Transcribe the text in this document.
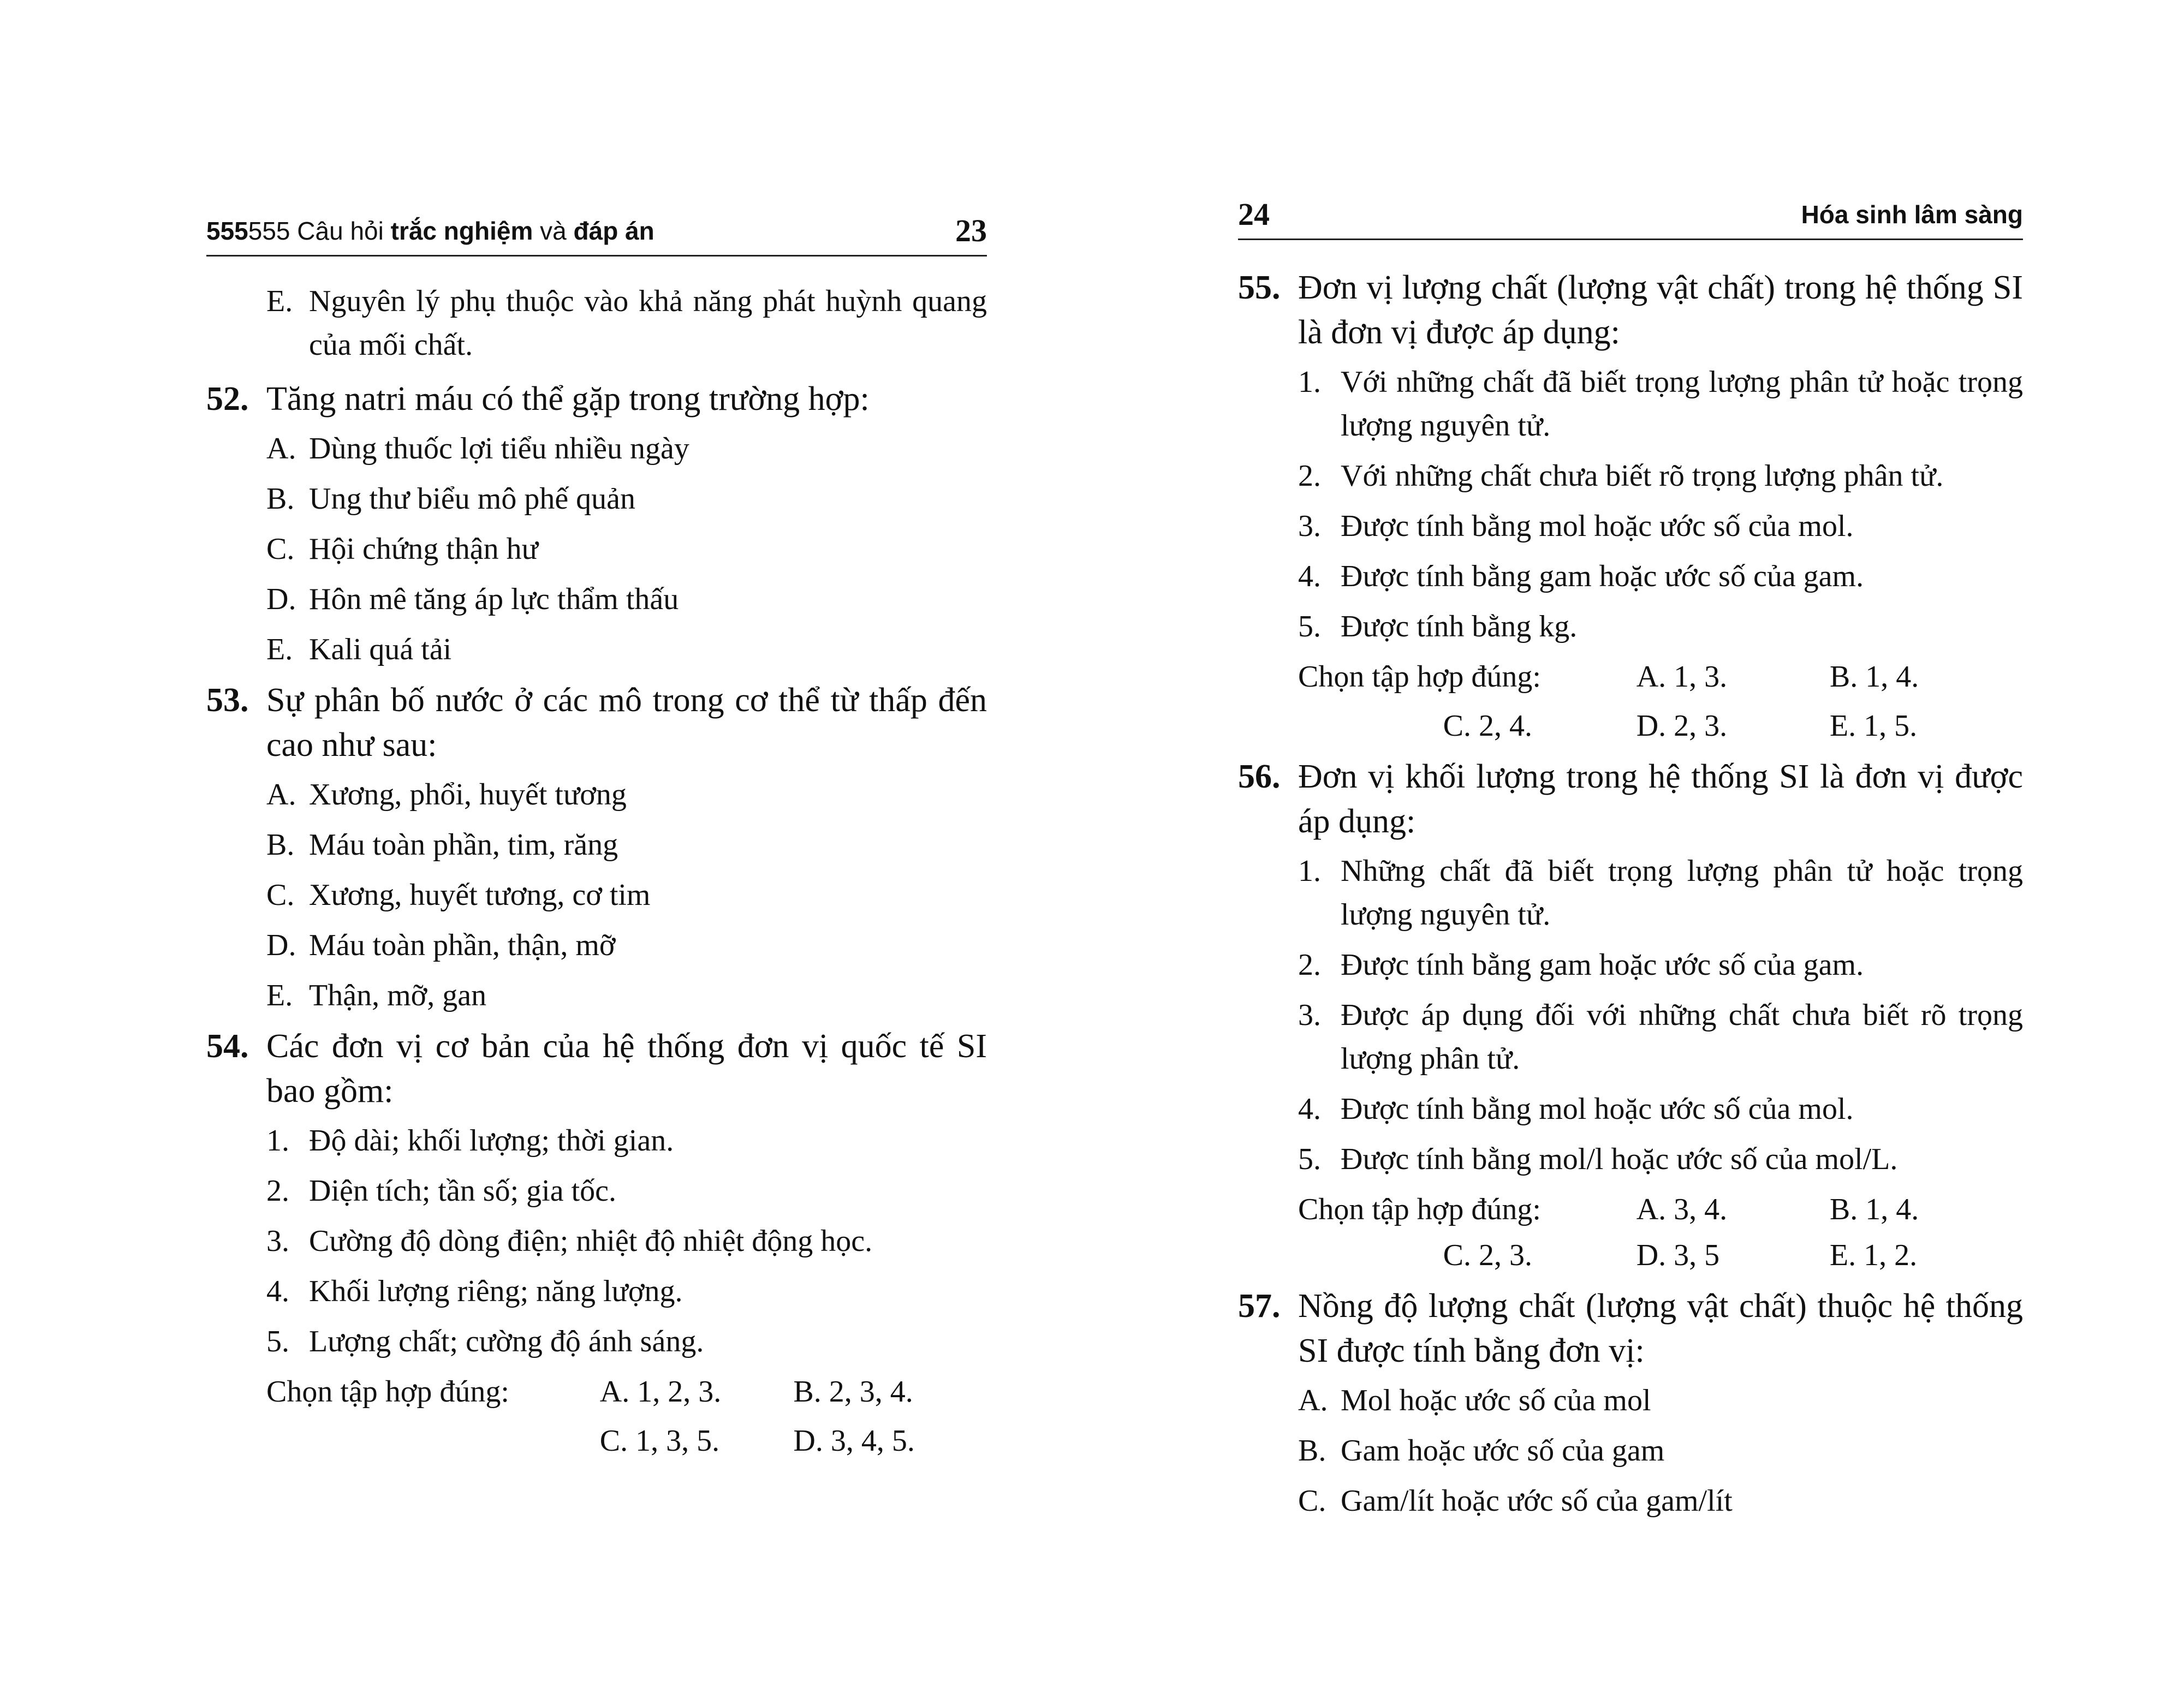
555555 Câu hỏi trắc nghiệm và đáp án	23
E. Nguyên lý phụ thuộc vào khả năng phát huỳnh quang của mối chất.
52. Tăng natri máu có thể gặp trong trường hợp:
A. Dùng thuốc lợi tiểu nhiều ngày
B. Ung thư biểu mô phế quản
C. Hội chứng thận hư
D. Hôn mê tăng áp lực thẩm thấu
E. Kali quá tải
53. Sự phân bố nước ở các mô trong cơ thể từ thấp đến cao như sau:
A. Xương, phổi, huyết tương
B. Máu toàn phần, tim, răng
C. Xương, huyết tương, cơ tim
D. Máu toàn phần, thận, mỡ
E. Thận, mỡ, gan
54. Các đơn vị cơ bản của hệ thống đơn vị quốc tế SI bao gồm:
1. Độ dài; khối lượng; thời gian.
2. Diện tích; tần số; gia tốc.
3. Cường độ dòng điện; nhiệt độ nhiệt động học.
4. Khối lượng riêng; năng lượng.
5. Lượng chất; cường độ ánh sáng.
Chọn tập hợp đúng:	A. 1, 2, 3.	B. 2, 3, 4.
C. 1, 3, 5.	D. 3, 4, 5.
24	Hóa sinh lâm sàng
55. Đơn vị lượng chất (lượng vật chất) trong hệ thống SI là đơn vị được áp dụng:
1. Với những chất đã biết trọng lượng phân tử hoặc trọng lượng nguyên tử.
2. Với những chất chưa biết rõ trọng lượng phân tử.
3. Được tính bằng mol hoặc ước số của mol.
4. Được tính bằng gam hoặc ước số của gam.
5. Được tính bằng kg.
Chọn tập hợp đúng:	A. 1, 3.	B. 1, 4.
C. 2, 4.	D. 2, 3.	E. 1, 5.
56. Đơn vị khối lượng trong hệ thống SI là đơn vị được áp dụng:
1. Những chất đã biết trọng lượng phân tử hoặc trọng lượng nguyên tử.
2. Được tính bằng gam hoặc ước số của gam.
3. Được áp dụng đối với những chất chưa biết rõ trọng lượng phân tử.
4. Được tính bằng mol hoặc ước số của mol.
5. Được tính bằng mol/l hoặc ước số của mol/L.
Chọn tập hợp đúng:	A. 3, 4.	B. 1, 4.
C. 2, 3.	D. 3, 5	E. 1, 2.
57. Nồng độ lượng chất (lượng vật chất) thuộc hệ thống SI được tính bằng đơn vị:
A. Mol hoặc ước số của mol
B. Gam hoặc ước số của gam
C. Gam/lít hoặc ước số của gam/lít
